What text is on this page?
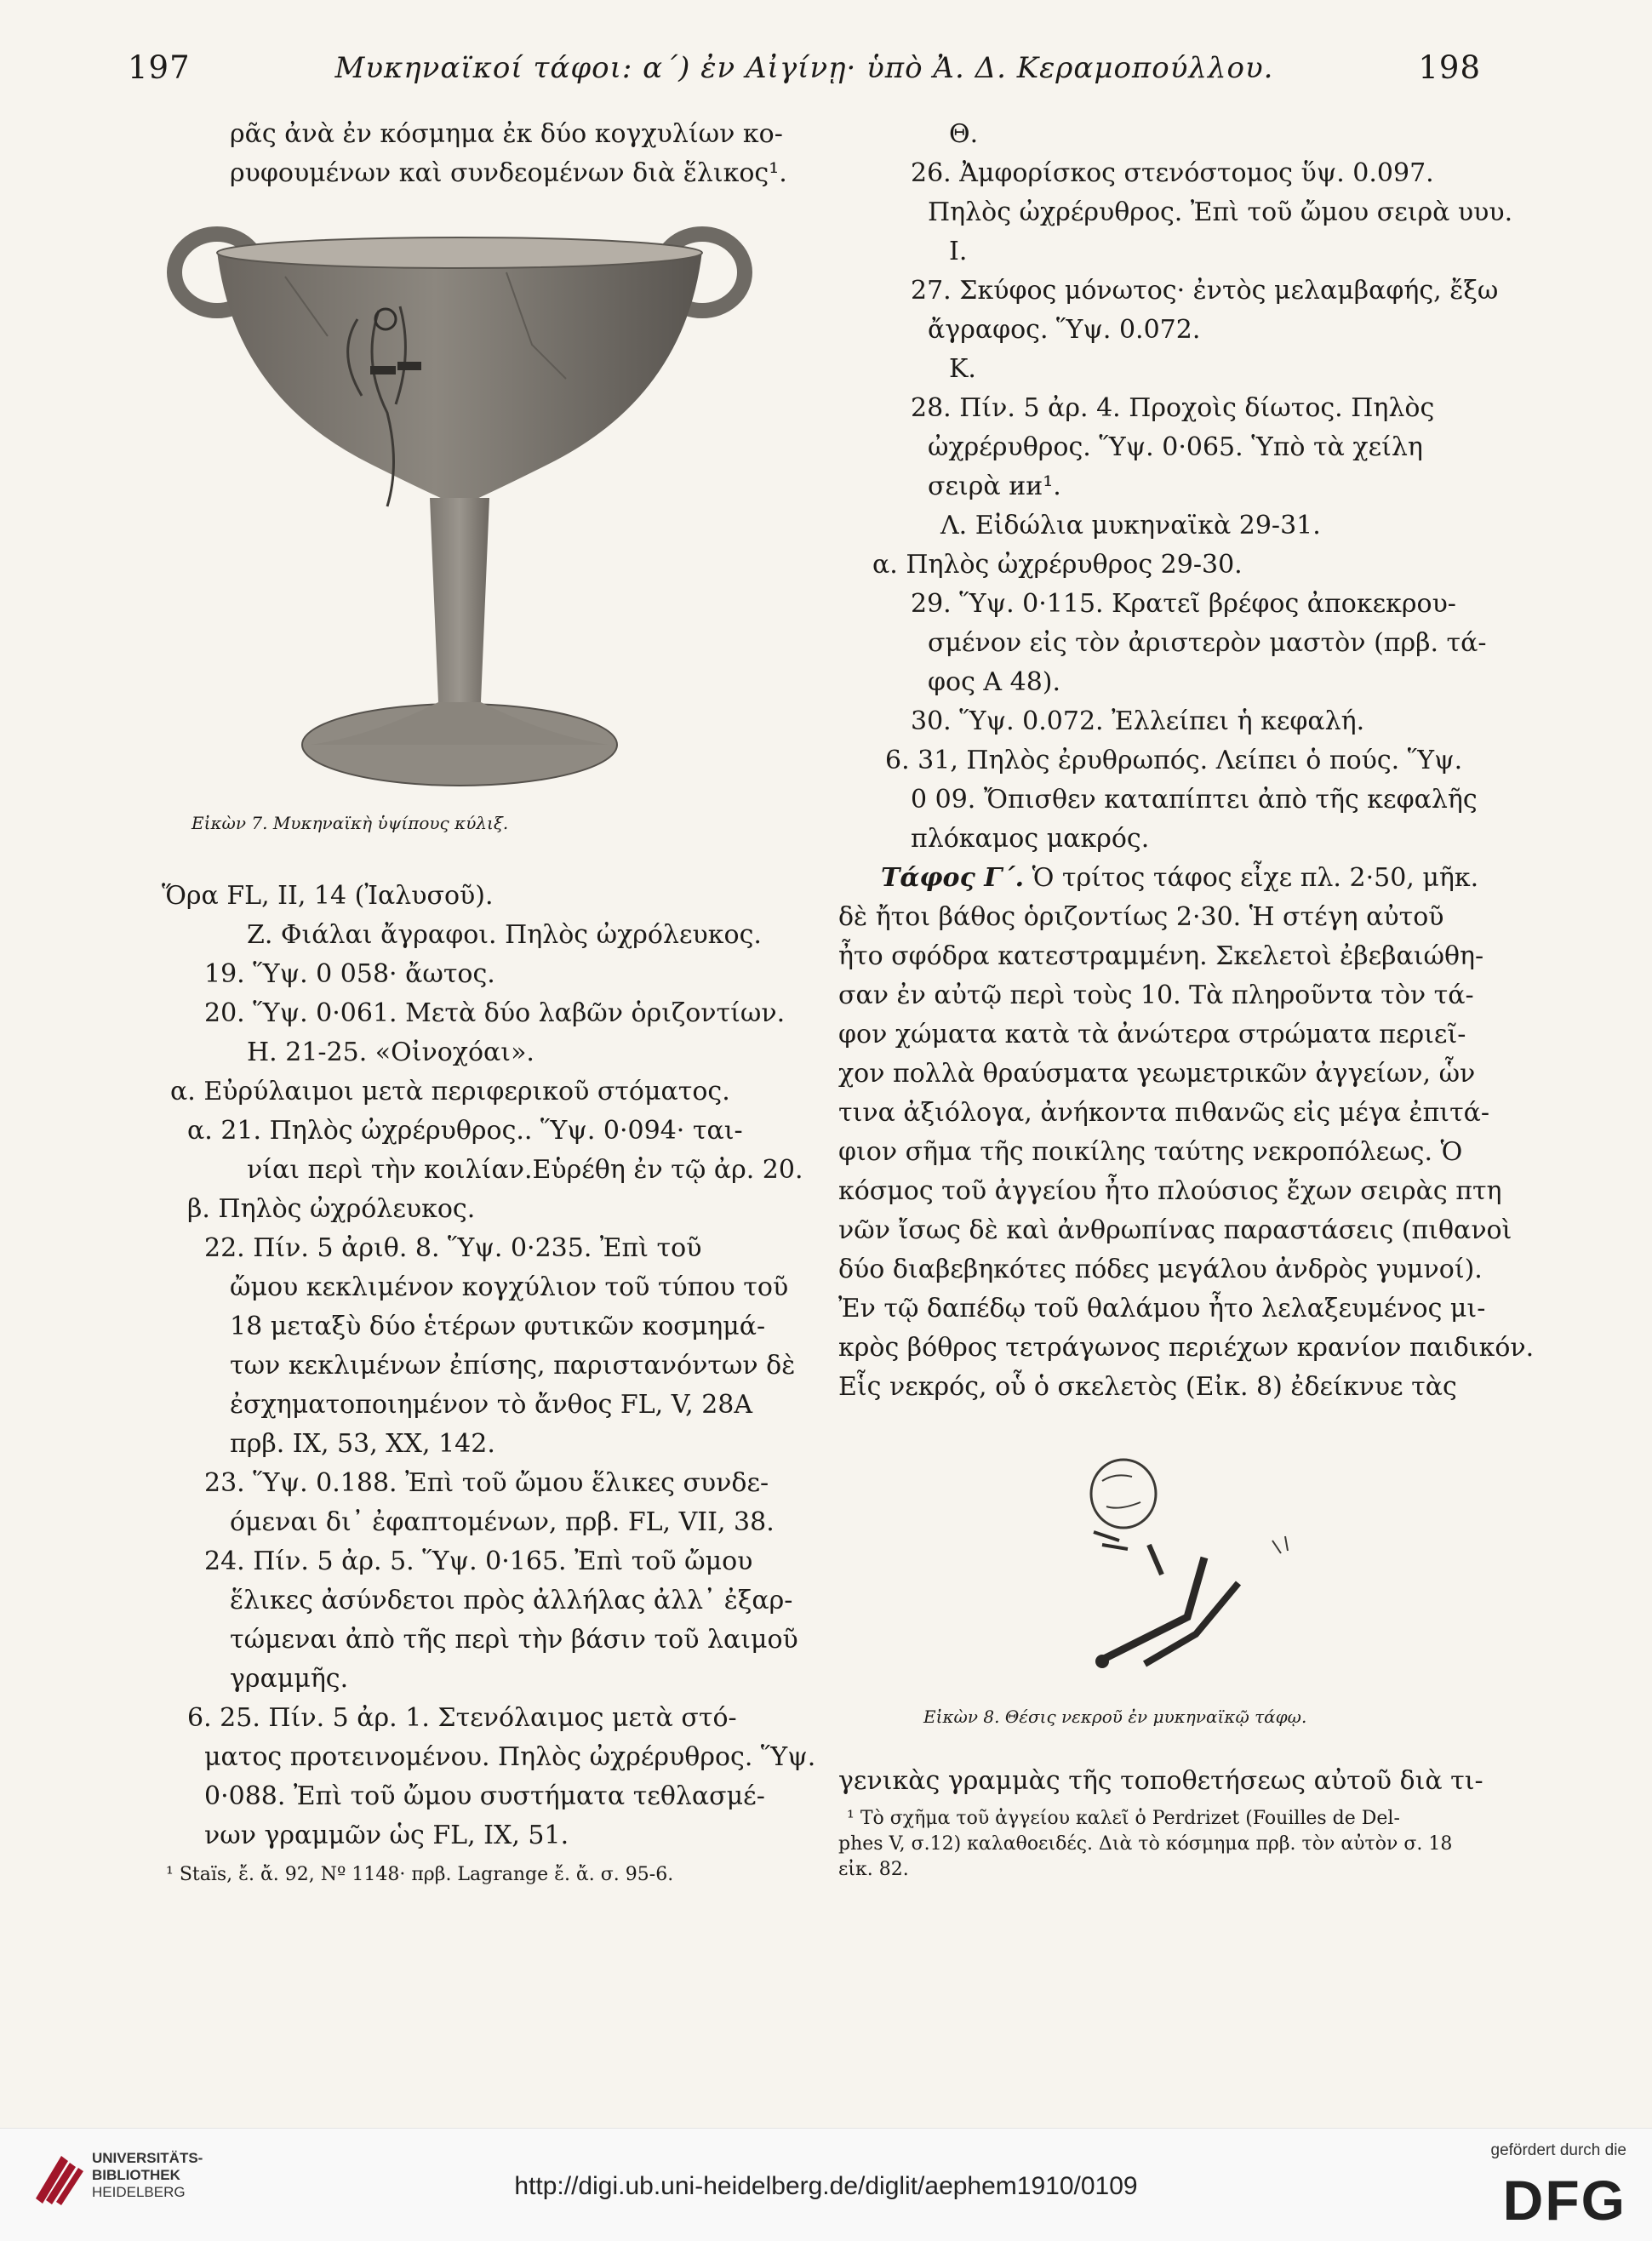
197	Μυκηναϊκοί τάφοι: α΄) ἐν Αἰγίνῃ· ὑπὸ Ἀ. Δ. Κεραμοπούλλου.	198

ρᾶς ἀνὰ ἐν κόσμημα ἐκ δύο κογχυλίων κο-

ρυφουμένων καὶ συνδεομένων διὰ ἕλικος¹.

Εἰκὼν 7. Μυκηναϊκὴ ὑψίπους κύλιξ.

Ὅρα FL, II, 14 (Ἰαλυσοῦ).

Ζ. Φιάλαι ἄγραφοι. Πηλὸς ὠχρόλευκος.

19. Ὕψ. 0 058· ἄωτος.

20. Ὕψ. 0·061. Μετὰ δύο λαβῶν ὁριζοντίων.

Η. 21-25. «Οἰνοχόαι».

α. Εὐρύλαιμοι μετὰ περιφερικοῦ στόματος.

α. 21. Πηλὸς ὠχρέρυθρος.. Ὕψ. 0·094· ται-

νίαι περὶ τὴν κοιλίαν.Εὑρέθη ἐν τῷ ἀρ. 20.

β. Πηλὸς ὠχρόλευκος.

22. Πίν. 5 ἀριθ. 8. Ὕψ. 0·235. Ἐπὶ τοῦ

ὤμου κεκλιμένον κογχύλιον τοῦ τύπου τοῦ

18 μεταξὺ δύο ἑτέρων φυτικῶν κοσμημά-

των κεκλιμένων ἐπίσης, παριστανόντων δὲ

ἐσχηματοποιημένον τὸ ἄνθος FL, V, 28A

πρβ. IX, 53, XX, 142.

23. Ὕψ. 0.188. Ἐπὶ τοῦ ὤμου ἕλικες συνδε-

όμεναι δι᾽ ἐφαπτομένων, πρβ. FL, VII, 38.

24. Πίν. 5 ἀρ. 5. Ὕψ. 0·165. Ἐπὶ τοῦ ὤμου

ἕλικες ἀσύνδετοι πρὸς ἀλλήλας ἀλλ᾽ ἐξαρ-

τώμεναι ἀπὸ τῆς περὶ τὴν βάσιν τοῦ λαιμοῦ

γραμμῆς.

6. 25. Πίν. 5 ἀρ. 1. Στενόλαιμος μετὰ στό-

ματος προτεινομένου. Πηλὸς ὠχρέρυθρος. Ὕψ.

0·088. Ἐπὶ τοῦ ὤμου συστήματα τεθλασμέ-

νων γραμμῶν ὡς FL, IX, 51.

¹ Staïs, ἔ. ἄ. 92, Nº 1148· πρβ. Lagrange ἔ. ἄ. σ. 95-6.

Θ.

26. Ἀμφορίσκος στενόστομος ὕψ. 0.097.

Πηλὸς ὠχρέρυθρος. Ἐπὶ τοῦ ὤμου σειρὰ υυυ.

Ι.

27. Σκύφος μόνωτος· ἐντὸς μελαμβαφής, ἔξω

ἄγραφος. Ὕψ. 0.072.

Κ.

28. Πίν. 5 ἀρ. 4. Προχοὶς δίωτος. Πηλὸς

ὠχρέρυθρος. Ὕψ. 0·065. Ὑπὸ τὰ χείλη

σειρὰ ии¹.

Λ. Εἰδώλια μυκηναϊκὰ 29-31.

α. Πηλὸς ὠχρέρυθρος 29-30.

29. Ὕψ. 0·115. Κρατεῖ βρέφος ἀποκεκρου-

σμένον εἰς τὸν ἀριστερὸν μαστὸν (πρβ. τά-

φος Α 48).

30. Ὕψ. 0.072. Ἐλλείπει ἡ κεφαλή.

6. 31, Πηλὸς ἐρυθρωπός. Λείπει ὁ πούς. Ὕψ.

0 09. Ὄπισθεν καταπίπτει ἀπὸ τῆς κεφαλῆς

πλόκαμος μακρός.

Τάφος Γ΄. Ὁ τρίτος τάφος εἶχε πλ. 2·50, μῆκ.

δὲ ἤτοι βάθος ὁριζοντίως 2·30. Ἡ στέγη αὐτοῦ

ἦτο σφόδρα κατεστραμμένη. Σκελετοὶ ἐβεβαιώθη-

σαν ἐν αὐτῷ περὶ τοὺς 10. Τὰ πληροῦντα τὸν τά-

φον χώματα κατὰ τὰ ἀνώτερα στρώματα περιεῖ-

χον πολλὰ θραύσματα γεωμετρικῶν ἀγγείων, ὧν

τινα ἀξιόλογα, ἀνήκοντα πιθανῶς εἰς μέγα ἐπιτά-

φιον σῆμα τῆς ποικίλης ταύτης νεκροπόλεως. Ὁ

κόσμος τοῦ ἀγγείου ἦτο πλούσιος ἔχων σειρὰς πτη

νῶν ἴσως δὲ καὶ ἀνθρωπίνας παραστάσεις (πιθανοὶ

δύο διαβεβηκότες πόδες μεγάλου ἀνδρὸς γυμνοί).

Ἐν τῷ δαπέδῳ τοῦ θαλάμου ἦτο λελαξευμένος μι-

κρὸς βόθρος τετράγωνος περιέχων κρανίον παιδικόν.

Εἷς νεκρός, οὗ ὁ σκελετὸς (Εἰκ. 8) ἐδείκνυε τὰς

Εἰκὼν 8. Θέσις νεκροῦ ἐν μυκηναϊκῷ τάφῳ.

γενικὰς γραμμὰς τῆς τοποθετήσεως αὐτοῦ διὰ τι-

¹ Τὸ σχῆμα τοῦ ἀγγείου καλεῖ ὁ Perdrizet (Fouilles de Del-

phes V, σ.12) καλαθοειδές. Διὰ τὸ κόσμημα πρβ. τὸν αὐτὸν σ. 18

εἰκ. 82.

UNIVERSITÄTS-
BIBLIOTHEK
HEIDELBERG	http://digi.ub.uni-heidelberg.de/diglit/aephem1910/0109
gefördert durch die
DFG
